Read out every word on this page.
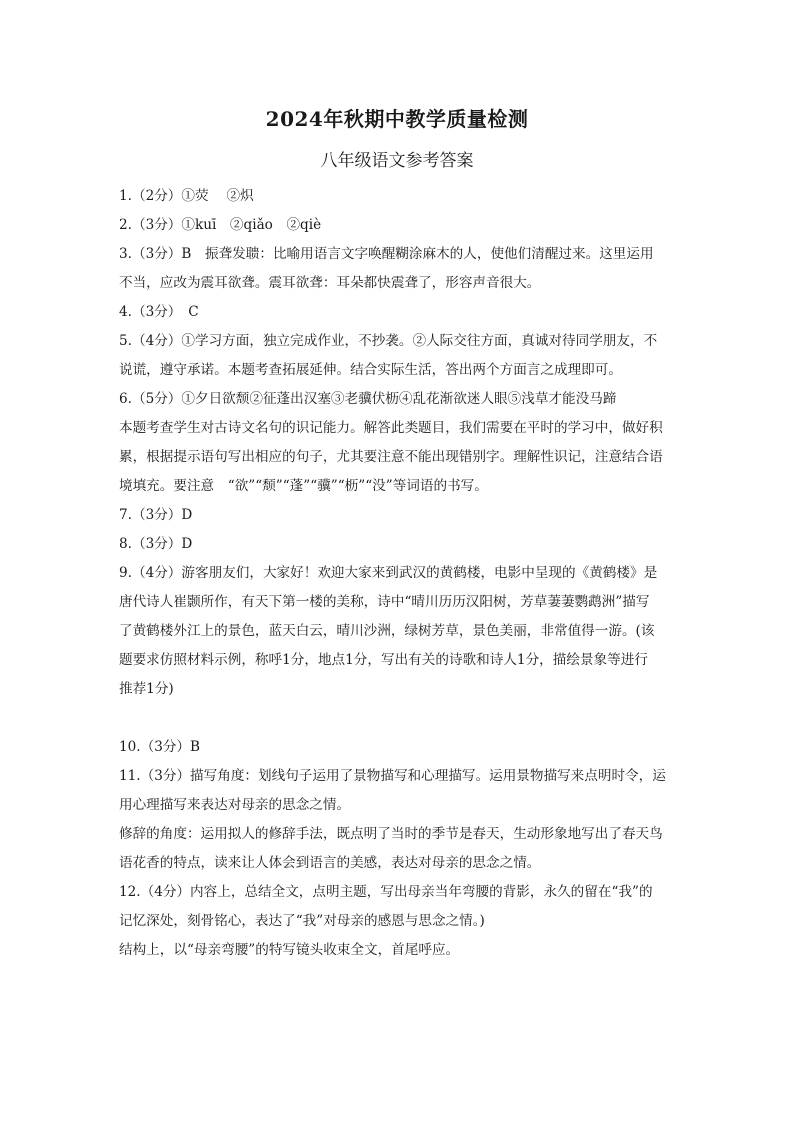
2024年秋期中教学质量检测
八年级语文参考答案

1.（2分）①荧　 ②炽

2.（3分）①kuī　②qiǎo　②qiè

3.（3分）B　振聋发聩：比喻用语言文字唤醒糊涂麻木的人，使他们清醒过来。这里运用

不当，应改为震耳欲聋。震耳欲聋：耳朵都快震聋了，形容声音很大。

4.（3分）　C

5.（4分）①学习方面，独立完成作业，不抄袭。②人际交往方面，真诚对待同学朋友，不

说谎，遵守承诺。本题考查拓展延伸。结合实际生活，答出两个方面言之成理即可。

6.（5分）①夕日欲颓②征蓬出汉塞③老骥伏枥④乱花渐欲迷人眼⑤浅草才能没马蹄

本题考查学生对古诗文名句的识记能力。解答此类题目，我们需要在平时的学习中，做好积

累，根据提示语句写出相应的句子，尤其要注意不能出现错别字。理解性识记，注意结合语

境填充。要注意　“欲”“颓”“蓬”“骥”“枥”“没”等词语的书写。

7.（3分）D

8.（3分）D

9.（4分）游客朋友们，大家好！欢迎大家来到武汉的黄鹤楼，电影中呈现的《黄鹤楼》是

唐代诗人崔颢所作，有天下第一楼的美称，诗中“晴川历历汉阳树，芳草萋萋鹦鹉洲”描写

了黄鹤楼外江上的景色，蓝天白云，晴川沙洲，绿树芳草，景色美丽，非常值得一游。(该

题要求仿照材料示例，称呼1分，地点1分，写出有关的诗歌和诗人1分，描绘景象等进行

推荐1分)

10.（3分）B

11.（3分）描写角度：划线句子运用了景物描写和心理描写。运用景物描写来点明时令，运

用心理描写来表达对母亲的思念之情。

修辞的角度：运用拟人的修辞手法，既点明了当时的季节是春天，生动形象地写出了春天鸟

语花香的特点，读来让人体会到语言的美感，表达对母亲的思念之情。

12.（4分）内容上，总结全文，点明主题，写出母亲当年弯腰的背影，永久的留在“我”的

记忆深处，刻骨铭心，表达了“我”对母亲的感恩与思念之情。)

结构上，以“母亲弯腰”的特写镜头收束全文，首尾呼应。
